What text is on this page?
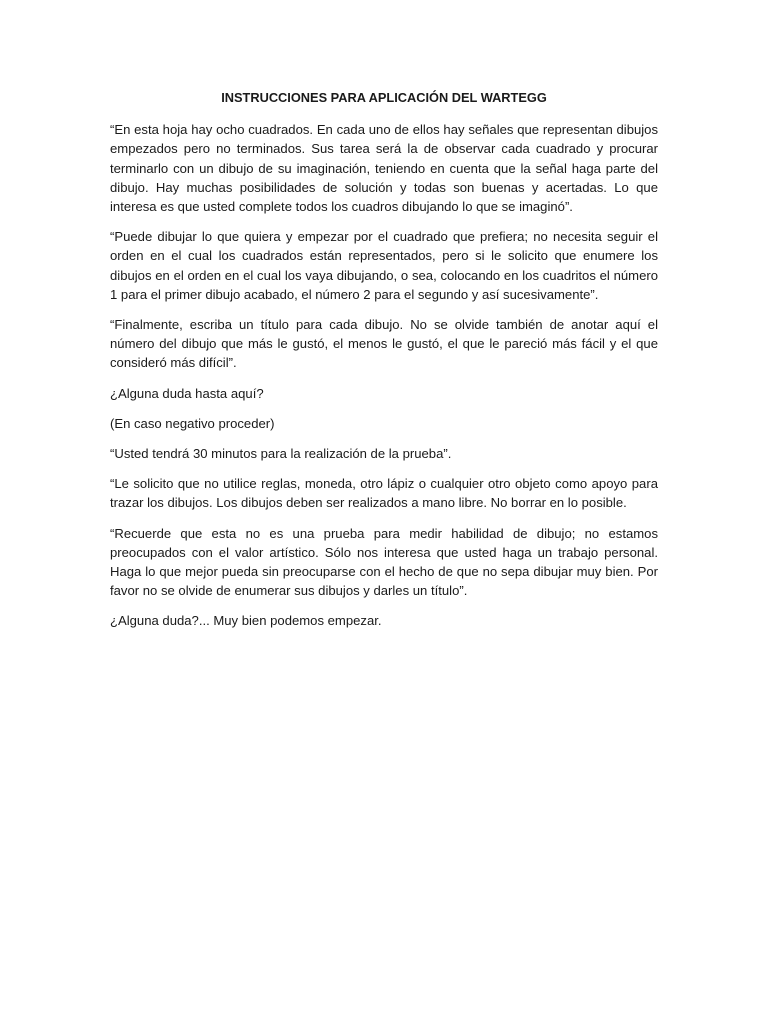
INSTRUCCIONES PARA APLICACIÓN DEL WARTEGG

“En esta hoja hay ocho cuadrados. En cada uno de ellos hay señales que representan dibujos empezados pero no terminados. Sus tarea será la de observar cada cuadrado y procurar terminarlo con un dibujo de su imaginación, teniendo en cuenta que la señal haga parte del dibujo. Hay muchas posibilidades de solución y todas son buenas y acertadas. Lo que interesa es que usted complete todos los cuadros dibujando lo que se imaginó”.

“Puede dibujar lo que quiera y empezar por el cuadrado que prefiera; no necesita seguir el orden en el cual los cuadrados están representados, pero si le solicito que enumere los dibujos en el orden en el cual los vaya dibujando, o sea, colocando en los cuadritos el número 1 para el primer dibujo acabado, el número 2 para el segundo y así sucesivamente”.

“Finalmente, escriba un título para cada dibujo. No se olvide también de anotar aquí el número del dibujo que más le gustó, el menos le gustó, el que le pareció más fácil y el que consideró más difícil”.

¿Alguna duda hasta aquí?

(En caso negativo proceder)

“Usted tendrá 30 minutos para la realización de la prueba”.

“Le solicito que no utilice reglas, moneda, otro lápiz o cualquier otro objeto como apoyo para trazar los dibujos. Los dibujos deben ser realizados a mano libre. No borrar en lo posible.

“Recuerde que esta no es una prueba para medir habilidad de dibujo; no estamos preocupados con el valor artístico. Sólo nos interesa que usted haga un trabajo personal. Haga lo que mejor pueda sin preocuparse con el hecho de que no sepa dibujar muy bien. Por favor no se olvide de enumerar sus dibujos y darles un título”.

¿Alguna duda?... Muy bien podemos empezar.
